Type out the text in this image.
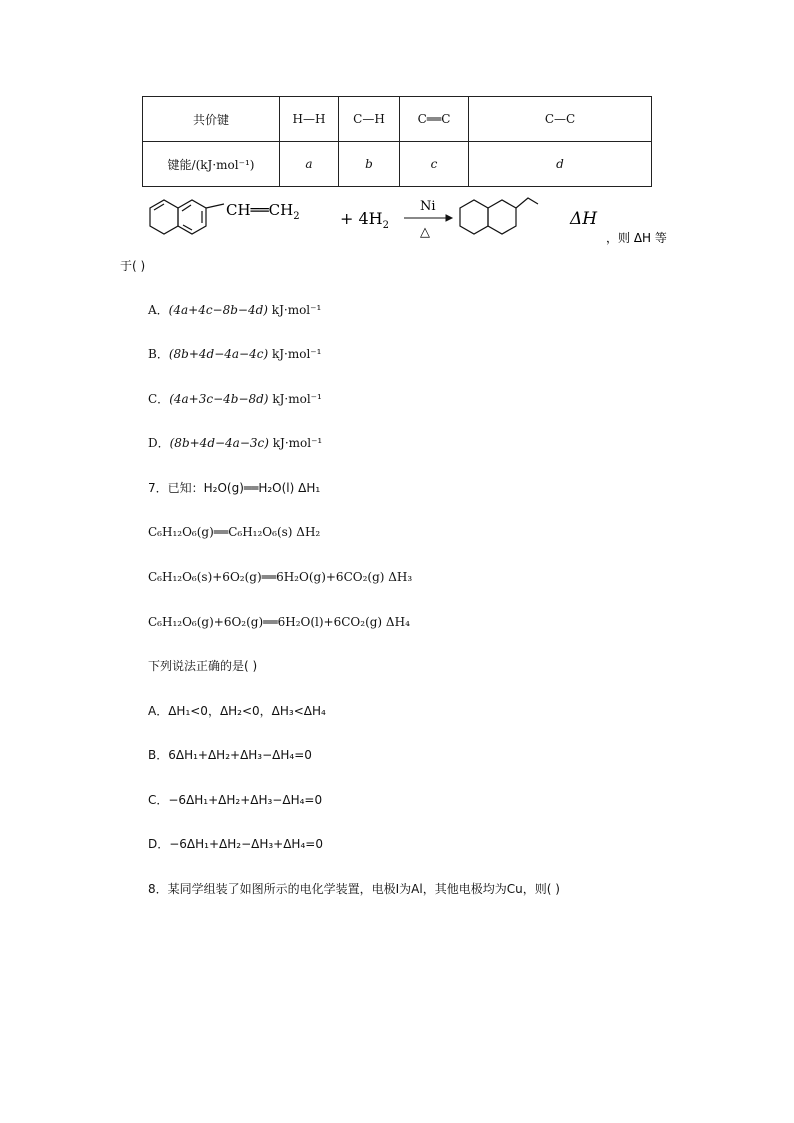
共价键	H—H	C—H	C══C	C—C
键能/(kJ·mol⁻¹)	a	b	c	d
$CH══CH_2$	+ $4H_2$
Ni
△
ΔH
，则 ΔH 等
于( )
A．(4a+4c−8b−4d) kJ·mol⁻¹
B．(8b+4d−4a−4c) kJ·mol⁻¹
C．(4a+3c−4b−8d) kJ·mol⁻¹
D．(8b+4d−4a−3c) kJ·mol⁻¹
7．已知：H₂O(g)══H₂O(l) ΔH₁
C₆H₁₂O₆(g)══C₆H₁₂O₆(s) ΔH₂
C₆H₁₂O₆(s)+6O₂(g)══6H₂O(g)+6CO₂(g) ΔH₃
C₆H₁₂O₆(g)+6O₂(g)══6H₂O(l)+6CO₂(g) ΔH₄
下列说法正确的是( )
A．ΔH₁<0，ΔH₂<0，ΔH₃<ΔH₄
B．6ΔH₁+ΔH₂+ΔH₃−ΔH₄=0
C．−6ΔH₁+ΔH₂+ΔH₃−ΔH₄=0
D．−6ΔH₁+ΔH₂−ΔH₃+ΔH₄=0
8．某同学组装了如图所示的电化学装置，电极Ⅰ为Al，其他电极均为Cu，则( )
